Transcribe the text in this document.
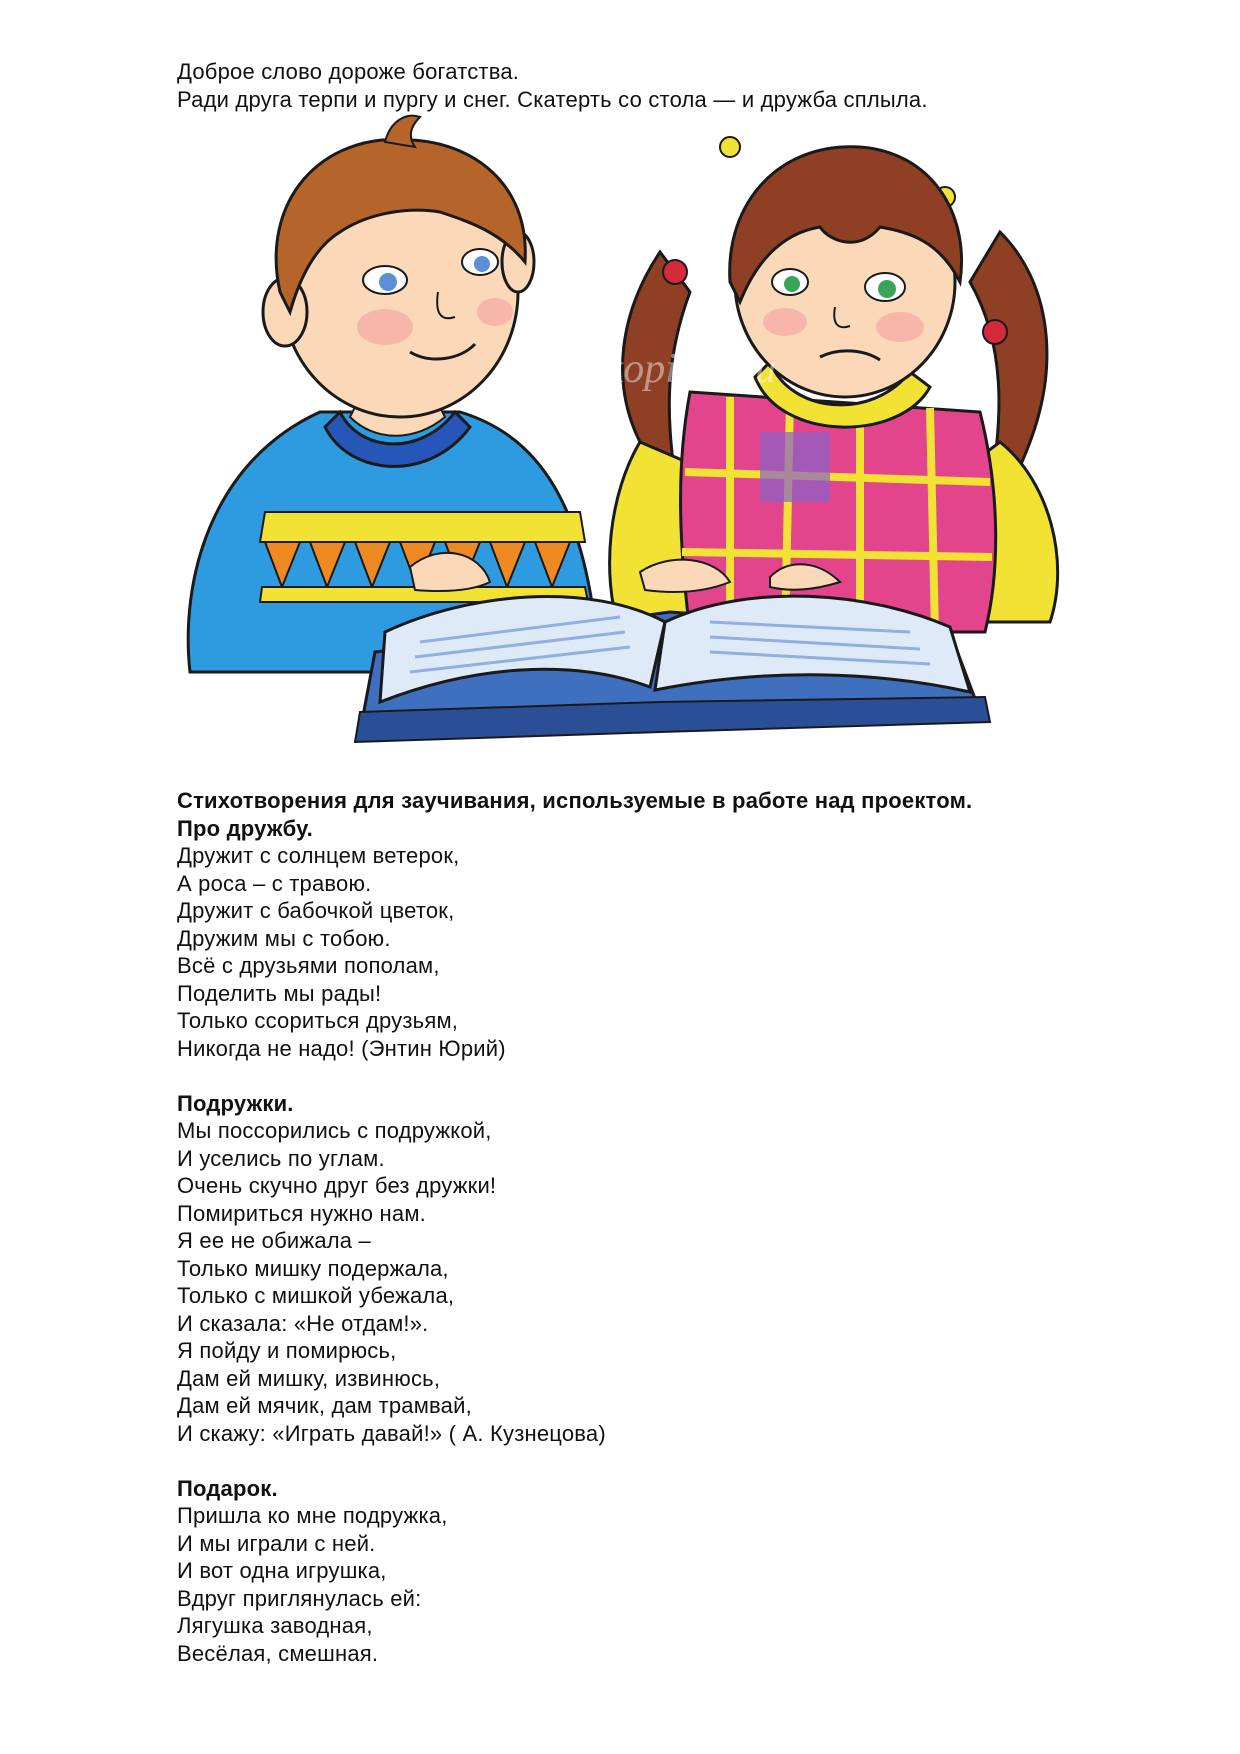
Доброе слово дороже богатства.
Ради друга терпи и пургу и снег. Скатерть со стола — и дружба сплыла.
ped-kopilka.ru
Стихотворения для заучивания, используемые в работе над проектом.
Про дружбу.
Дружит с солнцем ветерок,
А роса – с травою.
Дружит с бабочкой цветок,
Дружим мы с тобою.
Всё с друзьями пополам,
Поделить мы рады!
Только ссориться друзьям,
Никогда не надо! (Энтин Юрий)
Подружки.
Мы поссорились с подружкой,
И уселись по углам.
Очень скучно друг без дружки!
Помириться нужно нам.
Я ее не обижала –
Только мишку подержала,
Только с мишкой убежала,
И сказала: «Не отдам!».
Я пойду и помирюсь,
Дам ей мишку, извинюсь,
Дам ей мячик, дам трамвай,
И скажу: «Играть давай!» ( А. Кузнецова)
Подарок.
Пришла ко мне подружка,
И мы играли с ней.
И вот одна игрушка,
Вдруг приглянулась ей:
Лягушка заводная,
Весёлая, смешная.
